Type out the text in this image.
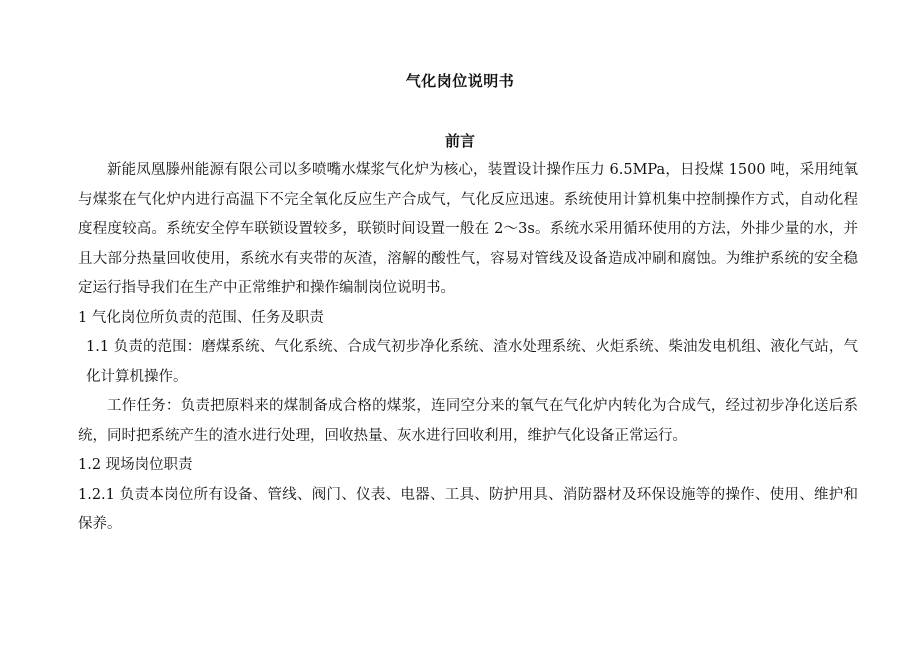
气化岗位说明书
前言

新能凤凰滕州能源有限公司以多喷嘴水煤浆气化炉为核心，装置设计操作压力 6.5MPa，日投煤 1500 吨，采用纯氧与煤浆在气化炉内进行高温下不完全氧化反应生产合成气，气化反应迅速。系统使用计算机集中控制操作方式，自动化程度程度较高。系统安全停车联锁设置较多，联锁时间设置一般在 2～3s。系统水采用循环使用的方法，外排少量的水，并且大部分热量回收使用，系统水有夹带的灰渣，溶解的酸性气，容易对管线及设备造成冲刷和腐蚀。为维护系统的安全稳定运行指导我们在生产中正常维护和操作编制岗位说明书。

1 气化岗位所负责的范围、任务及职责

1.1 负责的范围：磨煤系统、气化系统、合成气初步净化系统、渣水处理系统、火炬系统、柴油发电机组、液化气站，气化计算机操作。

工作任务：负责把原料来的煤制备成合格的煤浆，连同空分来的氧气在气化炉内转化为合成气，经过初步净化送后系统，同时把系统产生的渣水进行处理，回收热量、灰水进行回收利用，维护气化设备正常运行。

1.2 现场岗位职责

1.2.1 负责本岗位所有设备、管线、阀门、仪表、电器、工具、防护用具、消防器材及环保设施等的操作、使用、维护和保养。
